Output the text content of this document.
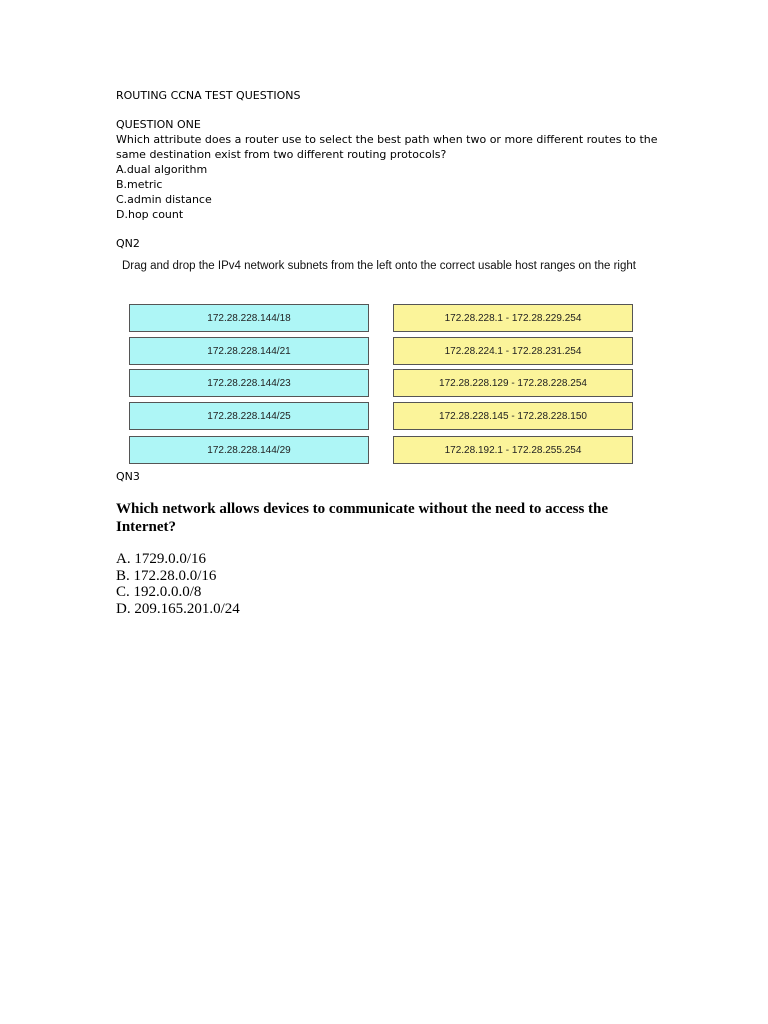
ROUTING CCNA TEST QUESTIONS
QUESTION ONE
Which attribute does a router use to select the best path when two or more different routes to the
same destination exist from two different routing protocols?
A.dual algorithm
B.metric
C.admin distance
D.hop count
QN2
Drag and drop the IPv4 network subnets from the left onto the correct usable host ranges on the right
172.28.228.144/18
172.28.228.144/21
172.28.228.144/23
172.28.228.144/25
172.28.228.144/29
172.28.228.1 - 172.28.229.254
172.28.224.1 - 172.28.231.254
172.28.228.129 - 172.28.228.254
172.28.228.145 - 172.28.228.150
172.28.192.1 - 172.28.255.254
QN3
Which network allows devices to communicate without the need to access the Internet?
A. 1729.0.0/16
B. 172.28.0.0/16
C. 192.0.0.0/8
D. 209.165.201.0/24
